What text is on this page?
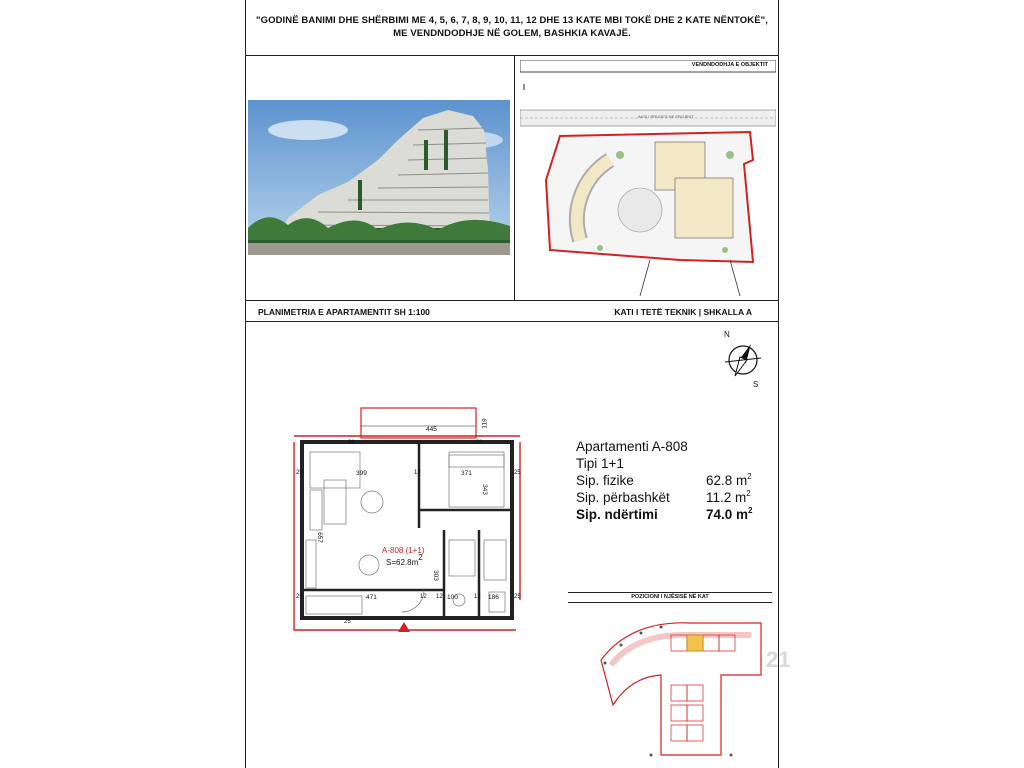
"GODINË BANIMI DHE SHËRBIMI ME 4, 5, 6, 7, 8, 9, 10, 11, 12 DHE 13 KATE MBI TOKË DHE 2 KATE NËNTOKË",
ME VENDNDODHJE NË GOLEM, BASHKIA KAVAJË.
VENDNDODHJA E OBJEKTIT
AKSI I RRUGES NE PROJEKT
PLANIMETRIA E APARTAMENTIT SH 1:100	KATI I TETË TEKNIK | SHKALLA A
N
S
445
119
399	371
343
657
303
471	100	186
12
12 12	12
25
25
25
25
25
21
31
A-808 (1+1)
$S=62.8m^2$
Apartamenti A-808
Tipi 1+1
Sip. fizike	62.8 $m^2$
Sip. përbashkët	11.2 $m^2$
Sip. ndërtimi	74.0 $m^2$
POZICIONI I NJËSISË NË KAT
21
